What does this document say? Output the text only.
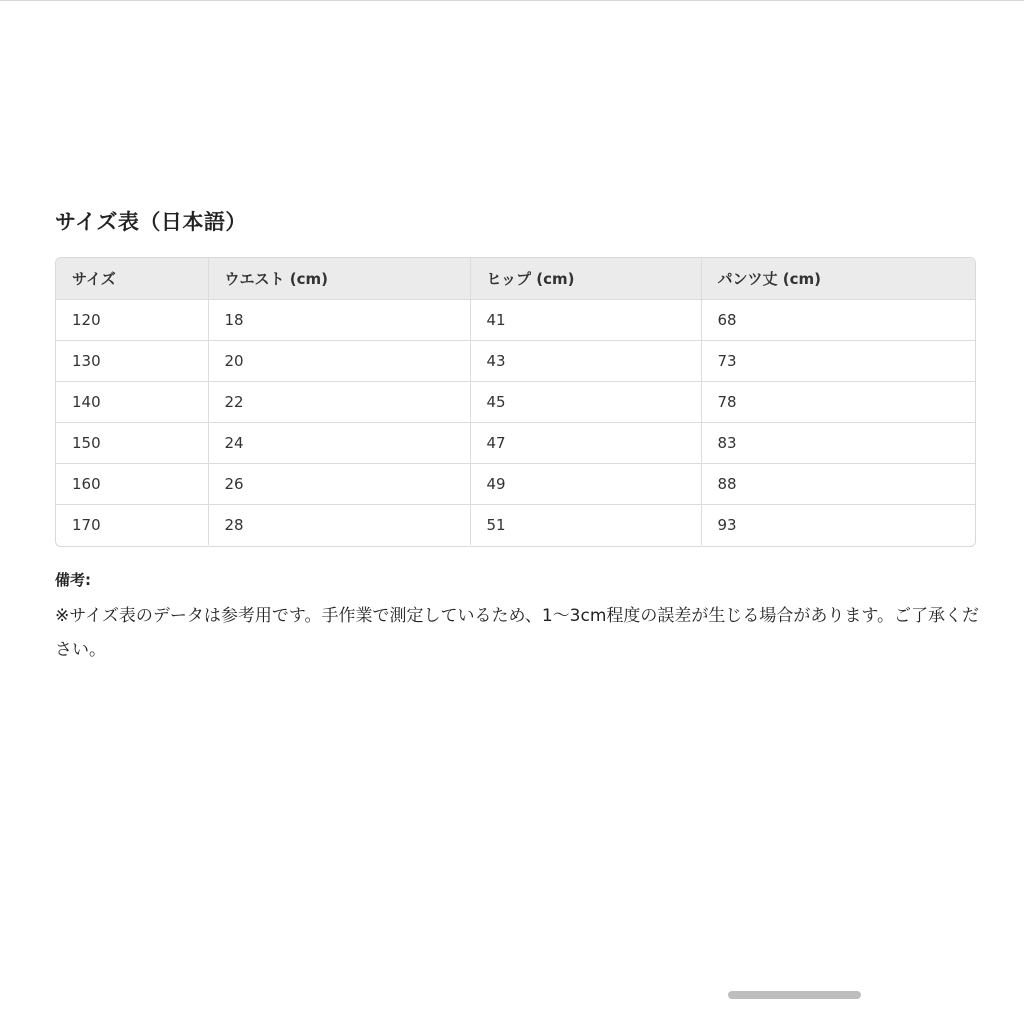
サイズ表（日本語）
サイズ	ウエスト (cm)	ヒップ (cm)	パンツ丈 (cm)
120	18	41	68
130	20	43	73
140	22	45	78
150	24	47	83
160	26	49	88
170	28	51	93

備考:

※サイズ表のデータは参考用です。手作業で測定しているため、1〜3cm程度の誤差が生じる場合があります。ご了承ください。
